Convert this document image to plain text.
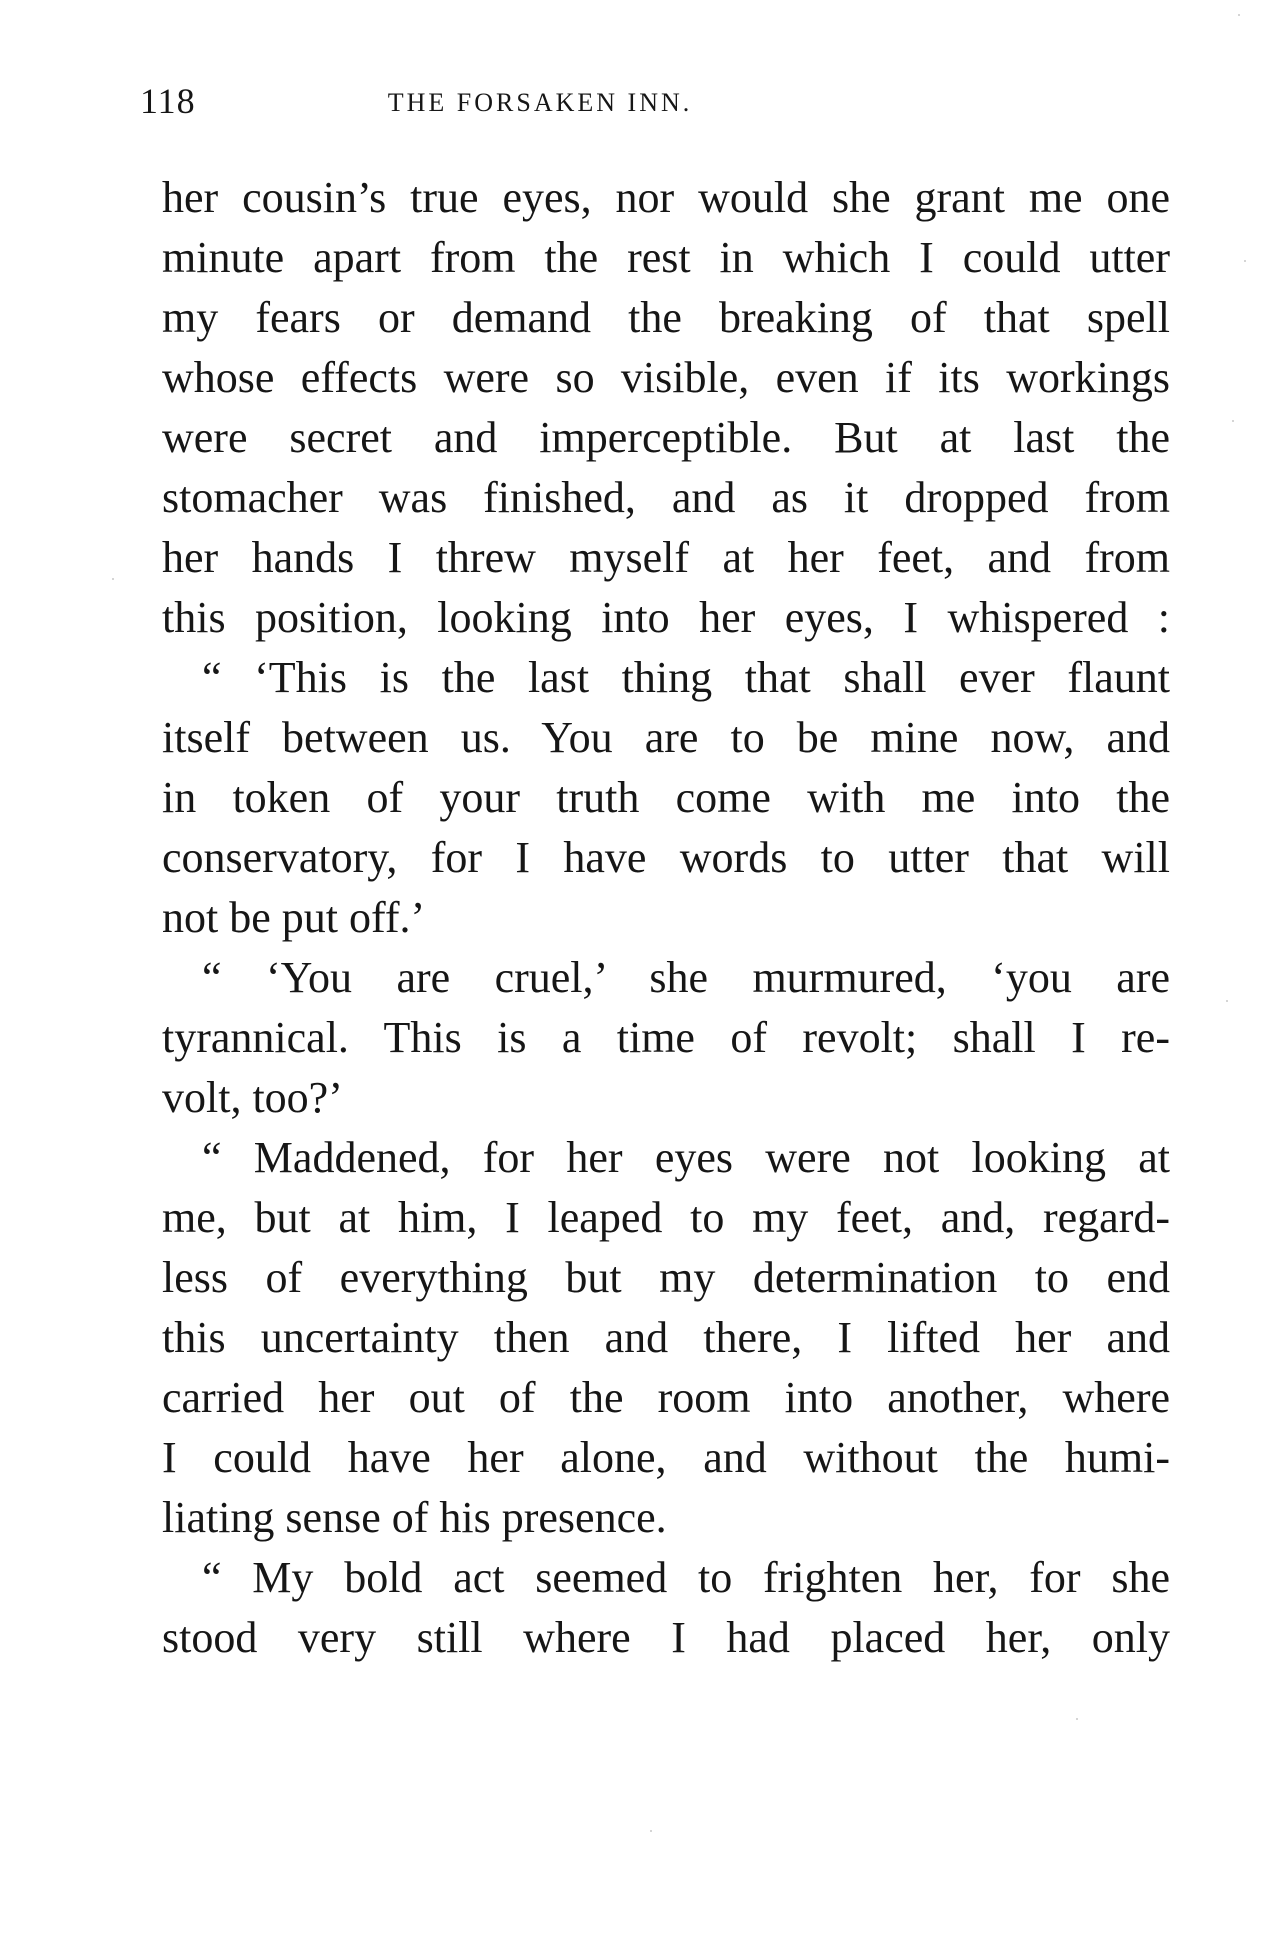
118	THE FORSAKEN INN.
her cousin’s true eyes, nor would she grant me one
minute apart from the rest in which I could utter
my fears or demand the breaking of that spell
whose effects were so visible, even if its workings
were secret and imperceptible. But at last the
stomacher was finished, and as it dropped from
her hands I threw myself at her feet, and from
this position, looking into her eyes, I whispered :
“ ‘This is the last thing that shall ever flaunt
itself between us. You are to be mine now, and
in token of your truth come with me into the
conservatory, for I have words to utter that will
not be put off.’
“ ‘You are cruel,’ she murmured, ‘you are
tyrannical. This is a time of revolt; shall I re-
volt, too?’
“ Maddened, for her eyes were not looking at
me, but at him, I leaped to my feet, and, regard-
less of everything but my determination to end
this uncertainty then and there, I lifted her and
carried her out of the room into another, where
I could have her alone, and without the humi-
liating sense of his presence.
“ My bold act seemed to frighten her, for she
stood very still where I had placed her, only
